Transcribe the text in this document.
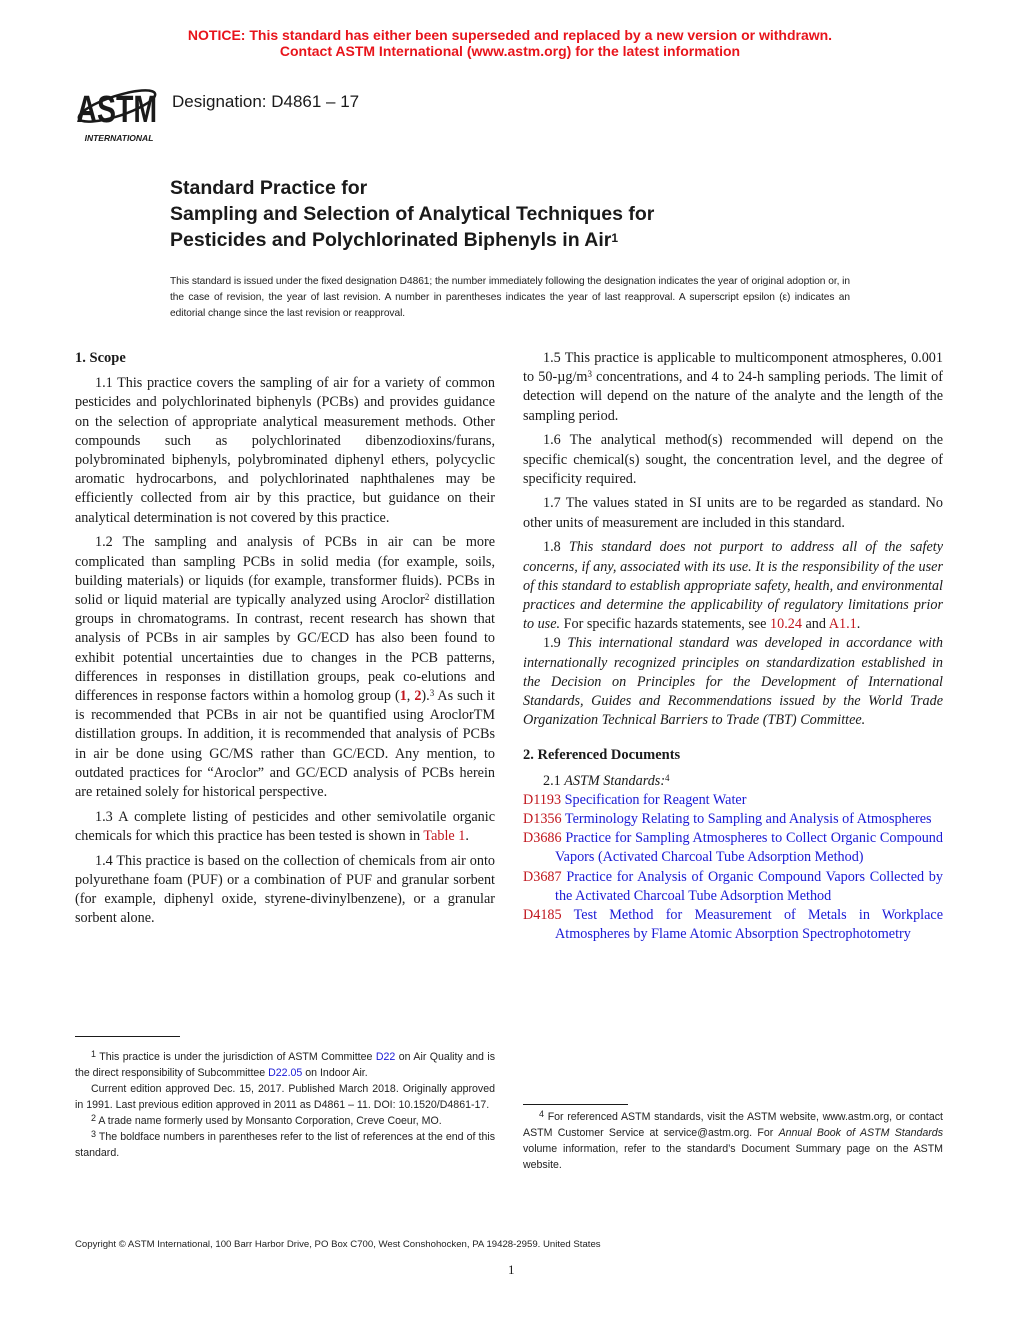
NOTICE: This standard has either been superseded and replaced by a new version or withdrawn.
Contact ASTM International (www.astm.org) for the latest information
ASTM
INTERNATIONAL
Designation: D4861 – 17
Standard Practice for
Sampling and Selection of Analytical Techniques for
Pesticides and Polychlorinated Biphenyls in Air$^1$
This standard is issued under the fixed designation D4861; the number immediately following the designation indicates the year of original adoption or, in the case of revision, the year of last revision. A number in parentheses indicates the year of last reapproval. A superscript epsilon (ε) indicates an editorial change since the last revision or reapproval.
1. Scope

1.1 This practice covers the sampling of air for a variety of common pesticides and polychlorinated biphenyls (PCBs) and provides guidance on the selection of appropriate analytical measurement methods. Other compounds such as polychlorinated dibenzodioxins/furans, polybrominated biphenyls, polybrominated diphenyl ethers, polycyclic aromatic hydrocarbons, and polychlorinated naphthalenes may be efficiently collected from air by this practice, but guidance on their analytical determination is not covered by this practice.

1.2 The sampling and analysis of PCBs in air can be more complicated than sampling PCBs in solid media (for example, soils, building materials) or liquids (for example, transformer fluids). PCBs in solid or liquid material are typically analyzed using Aroclor$^2$ distillation groups in chromatograms. In contrast, recent research has shown that analysis of PCBs in air samples by GC/ECD has also been found to exhibit potential uncertainties due to changes in the PCB patterns, differences in responses in distillation groups, peak co-elutions and differences in response factors within a homolog group (1, 2).$^3$ As such it is recommended that PCBs in air not be quantified using AroclorTM distillation groups. In addition, it is recommended that analysis of PCBs in air be done using GC/MS rather than GC/ECD. Any mention, to outdated practices for “Aroclor” and GC/ECD analysis of PCBs herein are retained solely for historical perspective.

1.3 A complete listing of pesticides and other semivolatile organic chemicals for which this practice has been tested is shown in Table 1.

1.4 This practice is based on the collection of chemicals from air onto polyurethane foam (PUF) or a combination of PUF and granular sorbent (for example, diphenyl oxide, styrene-divinylbenzene), or a granular sorbent alone.

$^1$ This practice is under the jurisdiction of ASTM Committee D22 on Air Quality and is the direct responsibility of Subcommittee D22.05 on Indoor Air.

Current edition approved Dec. 15, 2017. Published March 2018. Originally approved in 1991. Last previous edition approved in 2011 as D4861 – 11. DOI: 10.1520/D4861-17.

$^2$ A trade name formerly used by Monsanto Corporation, Creve Coeur, MO.

$^3$ The boldface numbers in parentheses refer to the list of references at the end of this standard.

1.5 This practice is applicable to multicomponent atmospheres, 0.001 to $50-\mu g/m^3$ concentrations, and 4 to 24-h sampling periods. The limit of detection will depend on the nature of the analyte and the length of the sampling period.

1.6 The analytical method(s) recommended will depend on the specific chemical(s) sought, the concentration level, and the degree of specificity required.

1.7 The values stated in SI units are to be regarded as standard. No other units of measurement are included in this standard.

1.8 This standard does not purport to address all of the safety concerns, if any, associated with its use. It is the responsibility of the user of this standard to establish appropriate safety, health, and environmental practices and determine the applicability of regulatory limitations prior to use. For specific hazards statements, see 10.24 and A1.1.

1.9 This international standard was developed in accordance with internationally recognized principles on standardization established in the Decision on Principles for the Development of International Standards, Guides and Recommendations issued by the World Trade Organization Technical Barriers to Trade (TBT) Committee.

2. Referenced Documents

2.1 ASTM Standards:$^4$

D1193 Specification for Reagent Water
D1356 Terminology Relating to Sampling and Analysis of Atmospheres
D3686 Practice for Sampling Atmospheres to Collect Organic Compound Vapors (Activated Charcoal Tube Adsorption Method)
D3687 Practice for Analysis of Organic Compound Vapors Collected by the Activated Charcoal Tube Adsorption Method
D4185 Test Method for Measurement of Metals in Workplace Atmospheres by Flame Atomic Absorption Spectrophotometry

$^4$ For referenced ASTM standards, visit the ASTM website, www.astm.org, or contact ASTM Customer Service at service@astm.org. For Annual Book of ASTM Standards volume information, refer to the standard’s Document Summary page on the ASTM website.

Copyright © ASTM International, 100 Barr Harbor Drive, PO Box C700, West Conshohocken, PA 19428-2959. United States
1
